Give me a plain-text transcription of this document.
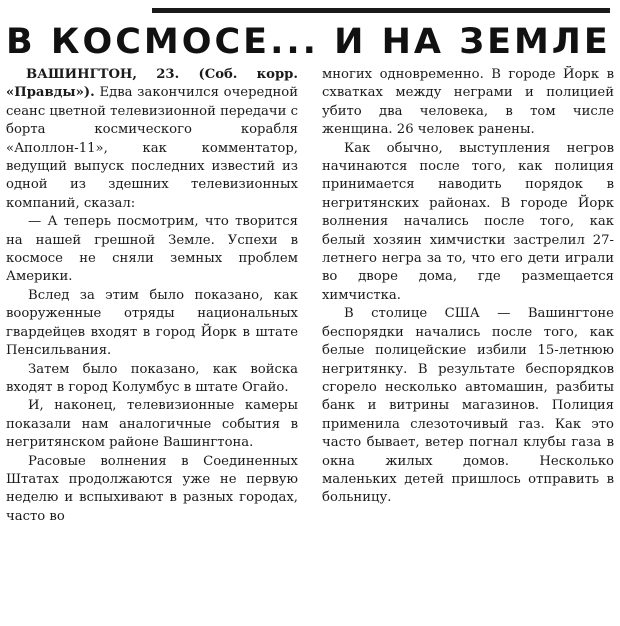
В КОСМОСЕ... И НА ЗЕМЛЕ

ВАШИНГТОН, 23. (Соб. корр. «Правды»). Едва закончился очередной сеанс цветной телевизионной передачи с борта космического корабля «Аполлон-11», как комментатор, ведущий выпуск последних известий из одной из здешних телевизионных компаний, сказал:

— А теперь посмотрим, что творится на нашей грешной Земле. Успехи в космосе не сняли земных проблем Америки.

Вслед за этим было показано, как вооруженные отряды национальных гвардейцев входят в город Йорк в штате Пенсильвания.

Затем было показано, как войска входят в город Колумбус в штате Огайо.

И, наконец, телевизионные камеры показали нам аналогичные события в негритянском районе Вашингтона.

Расовые волнения в Соединенных Штатах продолжаются уже не первую неделю и вспыхивают в разных городах, часто во

многих одновременно. В городе Йорк в схватках между неграми и полицией убито два человека, в том числе женщина. 26 человек ранены.

Как обычно, выступления негров начинаются после того, как полиция принимается наводить порядок в негритянских районах. В городе Йорк волнения начались после того, как белый хозяин химчистки застрелил 27-летнего негра за то, что его дети играли во дворе дома, где размещается химчистка.

В столице США — Вашингтоне беспорядки начались после того, как белые полицейские избили 15-летнюю негритянку. В результате беспорядков сгорело несколько автомашин, разбиты банк и витрины магазинов. Полиция применила слезоточивый газ. Как это часто бывает, ветер погнал клубы газа в окна жилых домов. Несколько маленьких детей пришлось отправить в больницу.
